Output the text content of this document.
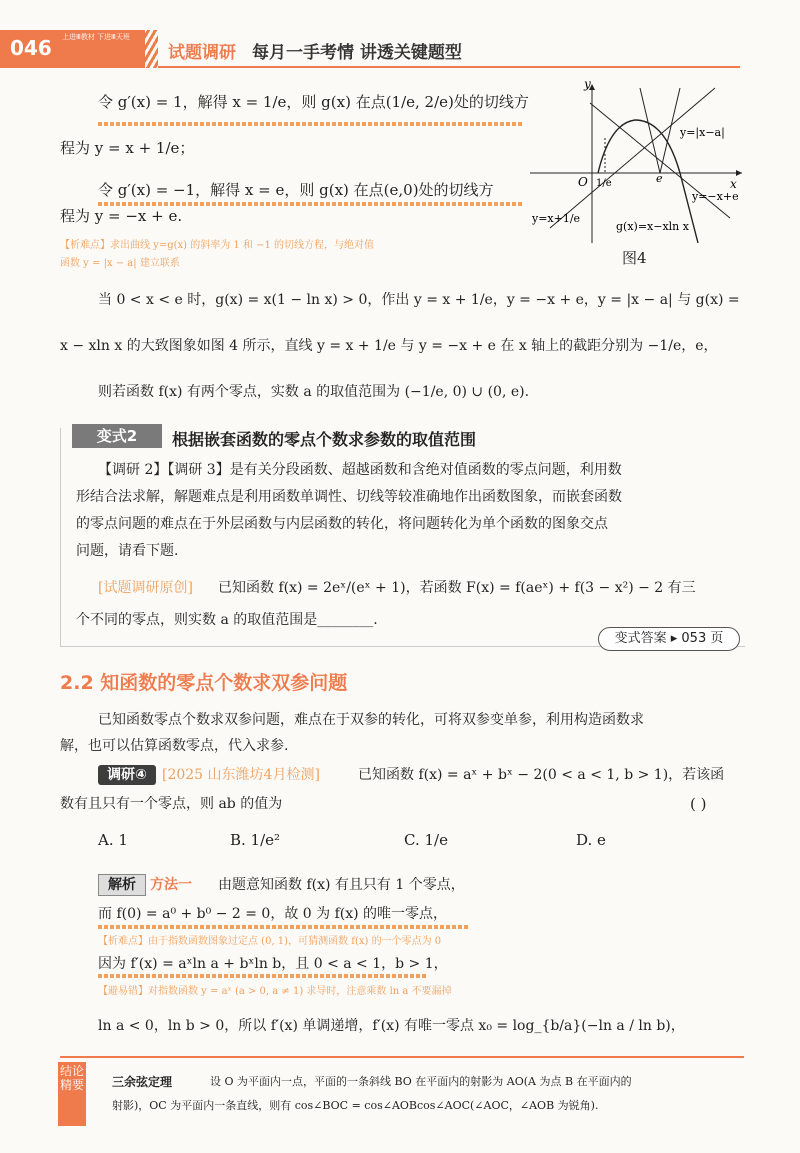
046 上进Ⅲ教材 下进Ⅲ天班
试题调研 每月一手考情 讲透关键题型
令 g′(x) = 1，解得 x = 1/e，则 g(x) 在点(1/e, 2/e)处的切线方
程为 y = x + 1/e；
令 g′(x) = −1，解得 x = e，则 g(x) 在点(e,0)处的切线方
程为 y = −x + e.
【析难点】求出曲线 y=g(x) 的斜率为 1 和 −1 的切线方程，与绝对值
函数 y = |x − a| 建立联系
y
x
O 1/e	e
y=|x−a|
y=−x+e
y=x+1/e
g(x)=x−xln x
图4
当 0 < x < e 时，g(x) = x(1 − ln x) > 0，作出 y = x + 1/e，y = −x + e，y = |x − a| 与 g(x) =
x − xln x 的大致图象如图 4 所示，直线 y = x + 1/e 与 y = −x + e 在 x 轴上的截距分别为 −1/e，e，
则若函数 f(x) 有两个零点，实数 a 的取值范围为 (−1/e, 0) ∪ (0, e).
变式2	根据嵌套函数的零点个数求参数的取值范围
【调研 2】【调研 3】是有关分段函数、超越函数和含绝对值函数的零点问题，利用数
形结合法求解，解题难点是利用函数单调性、切线等较准确地作出函数图象，而嵌套函数
的零点问题的难点在于外层函数与内层函数的转化，将问题转化为单个函数的图象交点
问题，请看下题.
[试题调研原创] 已知函数 f(x) = 2eˣ/(eˣ + 1)，若函数 F(x) = f(aeˣ) + f(3 − x²) − 2 有三
个不同的零点，则实数 a 的取值范围是________.
变式答案 ▸ 053 页
2.2 知函数的零点个数求双参问题
已知函数零点个数求双参问题，难点在于双参的转化，可将双参变单参，利用构造函数求
解，也可以估算函数零点，代入求参.
调研④	[2025 山东潍坊4月检测]	已知函数 f(x) = aˣ + bˣ − 2(0 < a < 1, b > 1)，若该函
数有且只有一个零点，则 ab 的值为	( )
A. 1	B. 1/e²	C. 1/e	D. e
解析	方法一 由题意知函数 f(x) 有且只有 1 个零点，
而 f(0) = a⁰ + b⁰ − 2 = 0，故 0 为 f(x) 的唯一零点，
【析难点】由于指数函数图象过定点 (0, 1)，可猜测函数 f(x) 的一个零点为 0
因为 f′(x) = aˣln a + bˣln b，且 0 < a < 1，b > 1，
【避易错】对指数函数 y = aˣ (a > 0, a ≠ 1) 求导时，注意乘数 ln a 不要漏掉
ln a < 0，ln b > 0，所以 f′(x) 单调递增，f′(x) 有唯一零点 x₀ = log_{b/a}(−ln a / ln b)，
结论精要 三余弦定理	设 O 为平面内一点，平面的一条斜线 BO 在平面内的射影为 AO(A 为点 B 在平面内的
射影)，OC 为平面内一条直线，则有 cos∠BOC = cos∠AOBcos∠AOC(∠AOC，∠AOB 为锐角).
